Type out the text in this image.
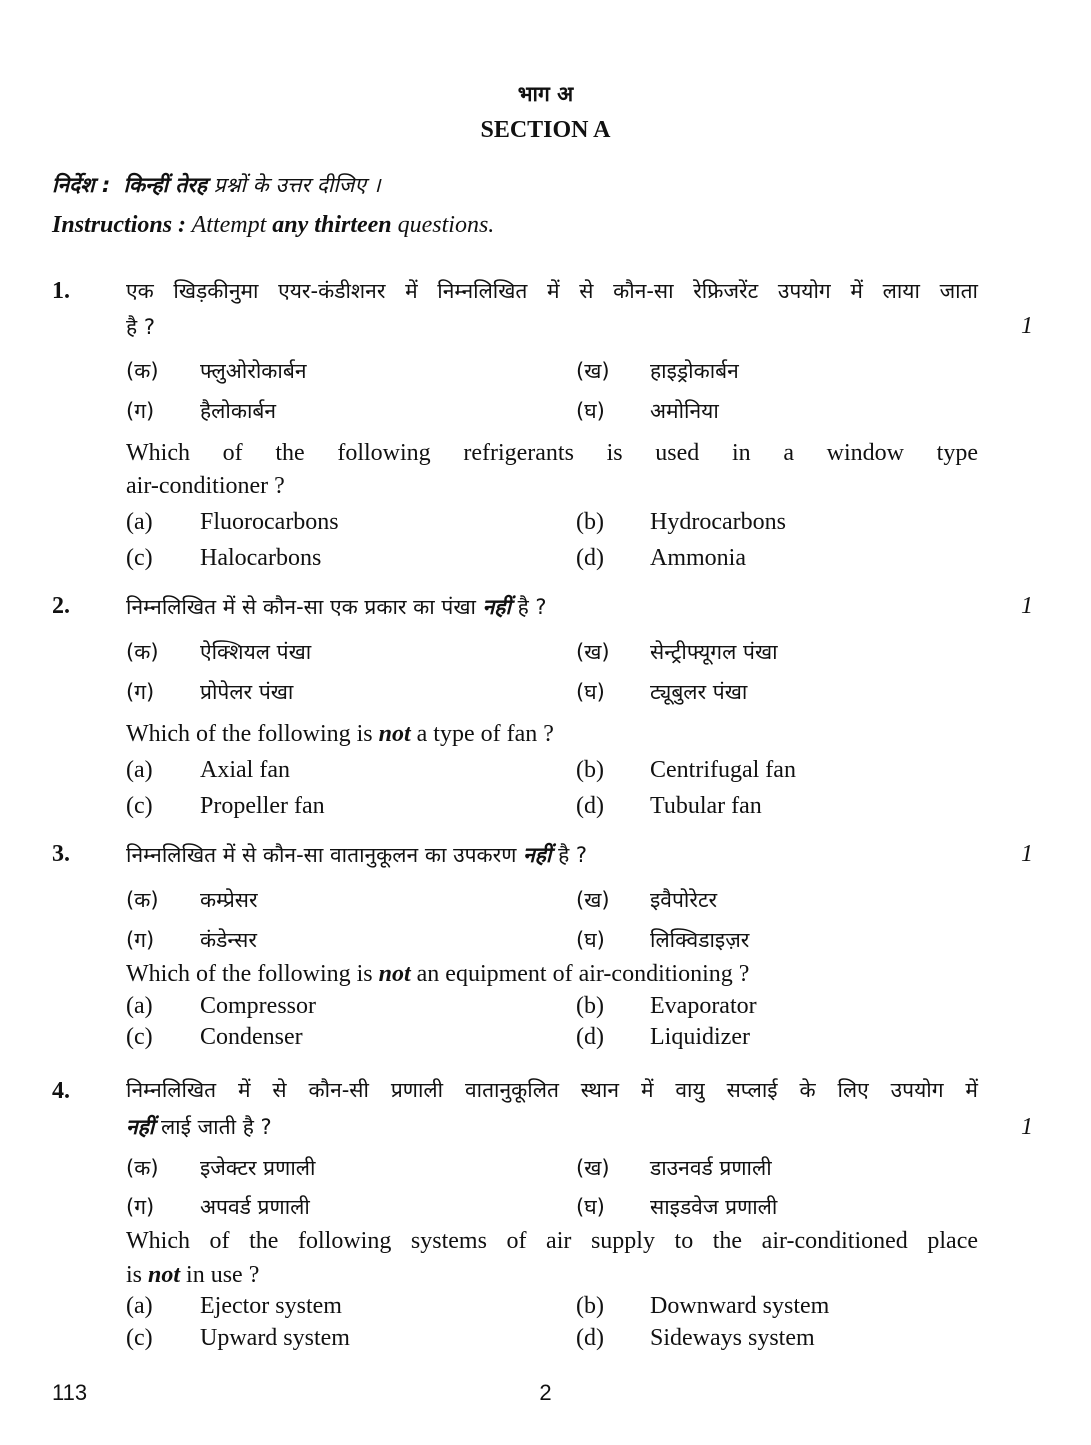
भाग अ
SECTION A
निर्देश : किन्हीं तेरह प्रश्नों के उत्तर दीजिए ।
Instructions : Attempt any thirteen questions.
1.	एक खिड़कीनुमा एयर-कंडीशनर में निम्नलिखित में से कौन-सा रेफ्रिजरेंट उपयोग में लाया जाता
है ?	1
(क) फ्लुओरोकार्बन	(ख) हाइड्रोकार्बन
(ग) हैलोकार्बन	(घ) अमोनिया
Which of the following refrigerants is used in a window type
air-conditioner ?
(a) Fluorocarbons	(b) Hydrocarbons
(c) Halocarbons	(d) Ammonia
2.	निम्नलिखित में से कौन-सा एक प्रकार का पंखा नहीं है ?	1
(क) ऐक्शियल पंखा	(ख) सेन्ट्रीफ्यूगल पंखा
(ग) प्रोपेलर पंखा	(घ) ट्यूबुलर पंखा
Which of the following is not a type of fan ?
(a) Axial fan	(b) Centrifugal fan
(c) Propeller fan	(d) Tubular fan
3.	निम्नलिखित में से कौन-सा वातानुकूलन का उपकरण नहीं है ?	1
(क) कम्प्रेसर	(ख) इवैपोरेटर
(ग) कंडेन्सर	(घ) लिक्विडाइज़र
Which of the following is not an equipment of air-conditioning ?
(a) Compressor	(b) Evaporator
(c) Condenser	(d) Liquidizer
4.	निम्नलिखित में से कौन-सी प्रणाली वातानुकूलित स्थान में वायु सप्लाई के लिए उपयोग में
नहीं लाई जाती है ?	1
(क) इजेक्टर प्रणाली	(ख) डाउनवर्ड प्रणाली
(ग) अपवर्ड प्रणाली	(घ) साइडवेज प्रणाली
Which of the following systems of air supply to the air-conditioned place
is not in use ?
(a) Ejector system	(b) Downward system
(c) Upward system	(d) Sideways system
113	2
